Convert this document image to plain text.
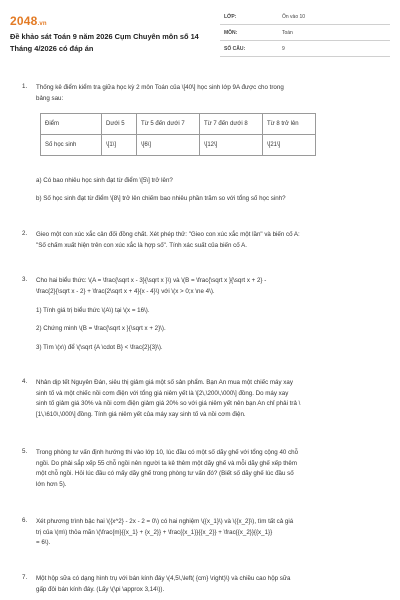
2048.vn
Đề khảo sát Toán 9 năm 2026 Cụm Chuyên môn số 14
Tháng 4/2026 có đáp án
LỚP:	Ôn vào 10
MÔN:	Toán
SỐ CÂU:	9
1. Thống kê điểm kiểm tra giữa học kỳ 2 môn Toán của \[40\] học sinh lớp 9A được cho trong
bảng sau:
Điểm	Dưới 5	Từ 5 đến dưới 7	Từ 7 đến dưới 8	Từ 8 trở lên
Số học sinh	\[1\]	\[6\]	\[12\]	\[21\]
a) Có bao nhiêu học sinh đạt từ điểm \[5\] trở lên?
b) Số học sinh đạt từ điểm \[8\] trở lên chiếm bao nhiêu phần trăm so với tổng số học sinh?
2. Gieo một con xúc xắc cân đối đồng chất. Xét phép thử: "Gieo con xúc xắc một lần" và biến cố A:
"Số chấm xuất hiện trên con xúc xắc là hợp số". Tính xác suất của biến cố A.
3. Cho hai biểu thức: \(A = \frac{\sqrt x - 3}{\sqrt x }\) và \(B = \frac{\sqrt x }{\sqrt x + 2} -
\frac{2}{\sqrt x - 2} + \frac{2\sqrt x + 4}{x - 4}\) với \(x > 0;x \ne 4\).
1) Tính giá trị biểu thức \(A\) tại \(x = 16\).
2) Chứng minh \(B = \frac{\sqrt x }{\sqrt x + 2}\).
3) Tìm \(x\) để \(\sqrt {A \cdot B} < \frac{2}{3}\).
4. Nhân dịp tết Nguyên Đán, siêu thị giảm giá một số sản phẩm. Bạn An mua một chiếc máy xay
sinh tố và một chiếc nồi cơm điện với tổng giá niêm yết là \[2\,\200\,\000\] đồng. Do máy xay
sinh tố giảm giá 30% và nồi cơm điện giảm giá 20% so với giá niêm yết nên bạn An chỉ phải trả \
[1\,\610\,\000\] đồng. Tính giá niêm yết của máy xay sinh tố và nồi cơm điện.
5. Trong phòng tư vấn định hướng thi vào lớp 10, lúc đầu có một số dãy ghế với tổng cộng 40 chỗ
ngồi. Do phải sắp xếp 55 chỗ ngồi nên người ta kê thêm một dãy ghế và mỗi dãy ghế xếp thêm
một chỗ ngồi. Hỏi lúc đầu có mấy dãy ghế trong phòng tư vấn đó? (Biết số dãy ghế lúc đầu số
lớn hơn 5).
6. Xét phương trình bậc hai \({x^2} - 2x - 2 = 0\) có hai nghiệm \({x_1}\) và \({x_2}\), tìm tất cả giá
trị của \(m\) thỏa mãn \(\frac{m}{{x_1} + {x_2}} + \frac{{x_1}}{{x_2}} + \frac{{x_2}}{{x_1}}
= 6\).
7. Một hộp sữa có dạng hình trụ với bán kính đáy \(4,5\,\left( {cm} \right)\) và chiều cao hộp sữa
gấp đôi bán kính đáy. (Lấy \(\pi \approx 3,14\)).
